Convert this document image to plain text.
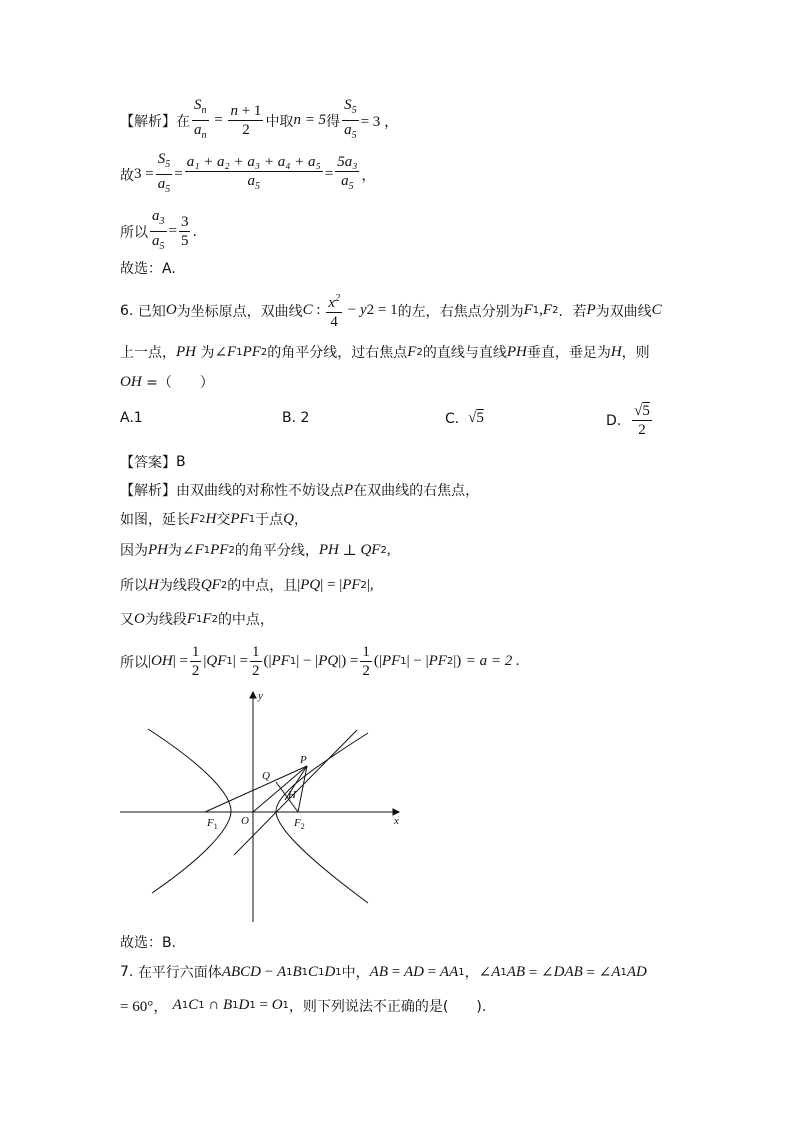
【解析】 在 $\frac{S_n}{a_n} = \frac{n + 1}{2}$ 中取 n = 5 得 $\frac{S_5}{a_5} = 3$ ，
故 $3 = \frac{S_5}{a_5} = \frac{\text{a₁ + a₂ + a₃ + a₄ + a₅}}{a_5} = \frac{\text{5a₃}}{a_5}$ ，
所以 $\frac{a_3}{a_5} = \frac{3}{5}$ .
故选：A.
6.
已知 O 为坐标原点，双曲线 C : $\frac{x^2}{4} - y$ 2 = 1 的左，右焦点分别为 F 1 , F 2 ．若 P 为双曲线 C
上一点， PH
为 ∠ F 1 PF 2 的角平分线，过右焦点 F 2 的直线与直线 PH 垂直，垂足为 H ，则
OH
=（　　）
A.1	B. 2	C.
√5	D.
$\frac{√5}{2}$
【答案】 B
【解析】 由双曲线的对称性不妨设点 P 在双曲线的右焦点，
如图，延长 F 2 H 交 PF 1 于点 Q ，
因为 PH 为 ∠ F 1 PF 2 的角平分线， PH ⊥ QF 2 ,
所以 H 为线段 QF 2 的中点，且 | PQ | = | PF 2 |,
又 O 为线段 F 1 F 2 的中点，
所以 | OH | = $\frac{1}{2}$ | QF 1 | = $\frac{1}{2}$ (| PF 1 | − | PQ |) = $\frac{1}{2}$ (| PF 1 | − | PF 2 |)
= a = 2 .
x
y
O
$F_1$	$F_2$
P
Q
H
故选：B.
7.
在平行六面体 ABCD − A 1 B 1 C 1 D 1 中， AB = AD = AA 1 ， ∠ A 1 AB = ∠ DAB = ∠ A 1 AD
= 60°，
A 1 C 1 ∩ B 1 D 1 = O 1 ，则下列说法不正确的是(　　).
